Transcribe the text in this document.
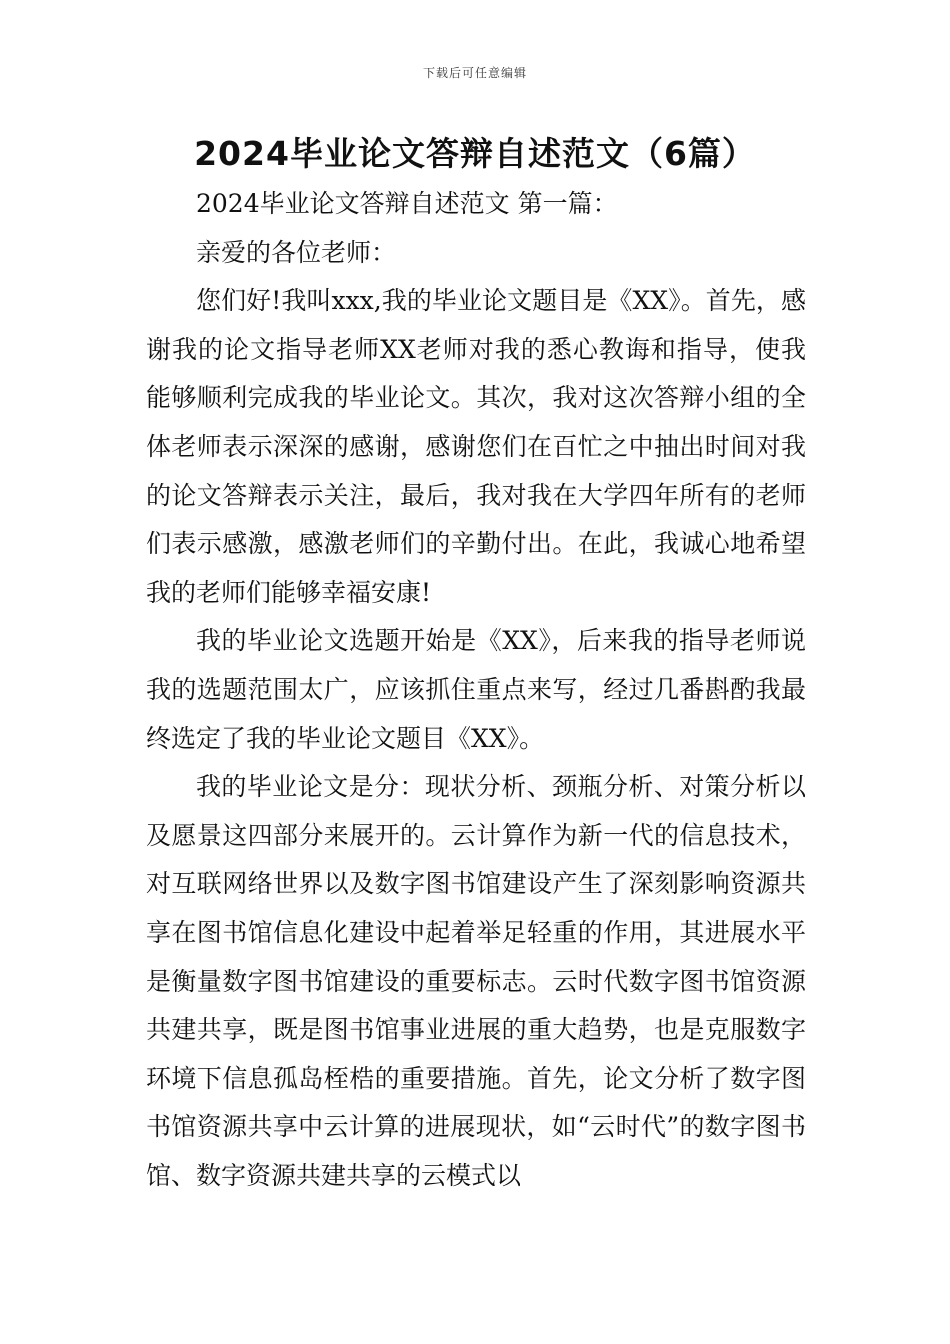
下载后可任意编辑
2024毕业论文答辩自述范文（6篇）

2024毕业论文答辩自述范文 第一篇：

亲爱的各位老师：

您们好!我叫xxx,我的毕业论文题目是《XX》。首先，感谢我的论文指导老师XX老师对我的悉心教诲和指导，使我能够顺利完成我的毕业论文。其次，我对这次答辩小组的全体老师表示深深的感谢，感谢您们在百忙之中抽出时间对我的论文答辩表示关注，最后，我对我在大学四年所有的老师们表示感激，感激老师们的辛勤付出。在此，我诚心地希望我的老师们能够幸福安康!

我的毕业论文选题开始是《XX》，后来我的指导老师说我的选题范围太广，应该抓住重点来写，经过几番斟酌我最终选定了我的毕业论文题目《XX》。

我的毕业论文是分：现状分析、颈瓶分析、对策分析以及愿景这四部分来展开的。云计算作为新一代的信息技术，对互联网络世界以及数字图书馆建设产生了深刻影响资源共享在图书馆信息化建设中起着举足轻重的作用，其进展水平是衡量数字图书馆建设的重要标志。云时代数字图书馆资源共建共享，既是图书馆事业进展的重大趋势，也是克服数字环境下信息孤岛桎梏的重要措施。首先，论文分析了数字图书馆资源共享中云计算的进展现状，如“云时代”的数字图书馆、数字资源共建共享的云模式以
